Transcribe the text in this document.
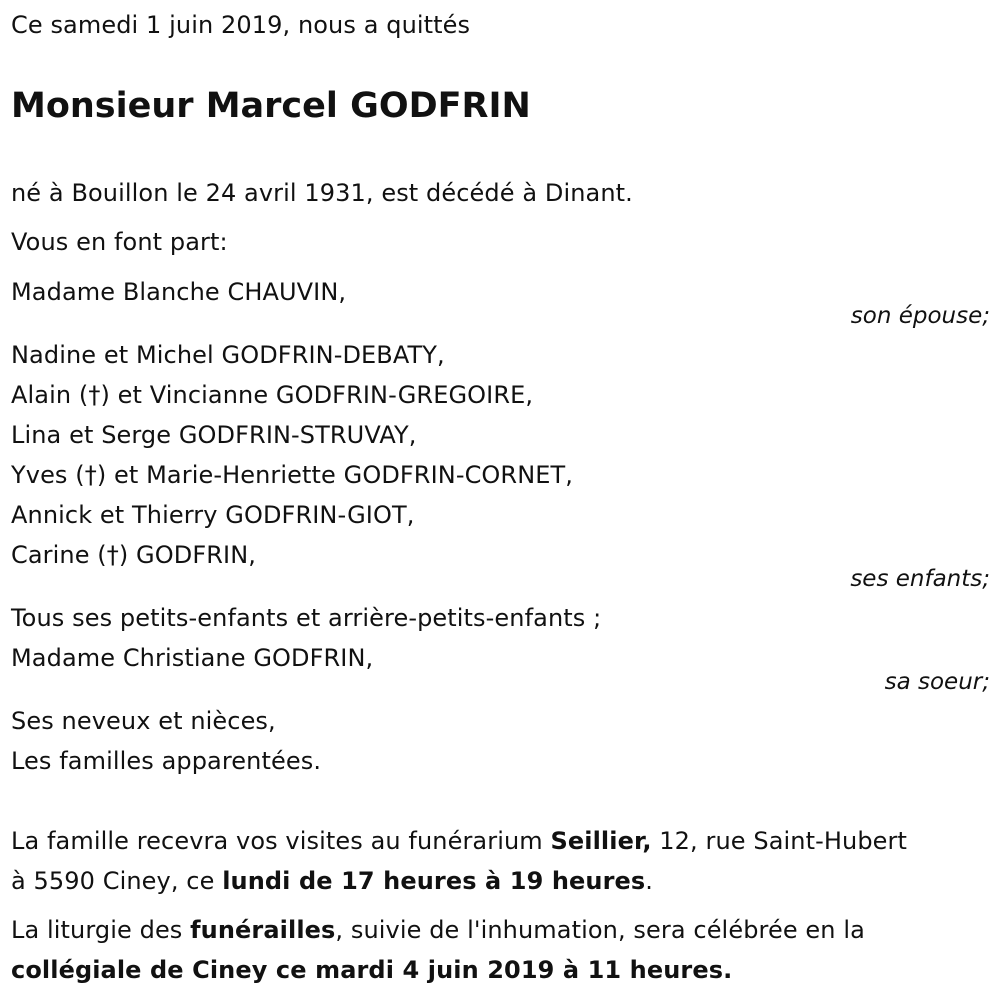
Ce samedi 1 juin 2019, nous a quittés
Monsieur Marcel GODFRIN
né à Bouillon le 24 avril 1931, est décédé à Dinant.
Vous en font part:
Madame Blanche CHAUVIN,
son épouse;
Nadine et Michel GODFRIN-DEBATY,
Alain (†) et Vincianne GODFRIN-GREGOIRE,
Lina et Serge GODFRIN-STRUVAY,
Yves (†) et Marie-Henriette GODFRIN-CORNET,
Annick et Thierry GODFRIN-GIOT,
Carine (†) GODFRIN,
ses enfants;
Tous ses petits-enfants et arrière-petits-enfants ;
Madame Christiane GODFRIN,
sa soeur;
Ses neveux et nièces,
Les familles apparentées.
La famille recevra vos visites au funérarium Seillier, 12, rue Saint-Hubert
à 5590 Ciney, ce lundi de 17 heures à 19 heures.
La liturgie des funérailles, suivie de l'inhumation, sera célébrée en la
collégiale de Ciney ce mardi 4 juin 2019 à 11 heures.
